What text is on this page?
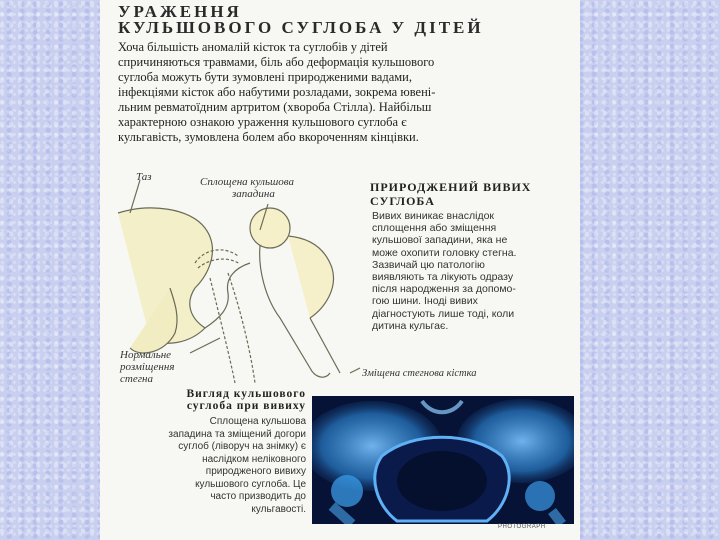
УРАЖЕННЯ
КУЛЬШОВОГО СУГЛОБА У ДІТЕЙ
Хоча більшість аномалій кісток та суглобів у дітей
спричиняються травмами, біль або деформація кульшового
суглоба можуть бути зумовлені природженими вадами,
інфекціями кісток або набутими розладами, зокрема ювені-
льним ревматоїдним артритом (хвороба Стілла). Найбільш
характерною ознакою ураження кульшового суглоба є
кульгавість, зумовлена болем або вкороченням кінцівки.
Таз	Сплощена кульшова
западина
Нормальне
розміщення
стегна	Зміщена стегнова кістка
ПРИРОДЖЕНИЙ ВИВИХ
СУГЛОБА
Вивих виникає внаслідок
сплощення або зміщення
кульшової западини, яка не
може охопити головку стегна.
Зазвичай цю патологію
виявляють та лікують одразу
після народження за допомо-
гою шини. Іноді вивих
діагностують лише тоді, коли
дитина кульгає.
Вигляд кульшового
суглоба при вивиху
Сплощена кульшова
западина та зміщений догори
суглоб (ліворуч на знімку) є
наслідком неліковного
природженого вивиху
кульшового суглоба. Це
часто призводить до
кульгавості.
PHOTOGRAPH
